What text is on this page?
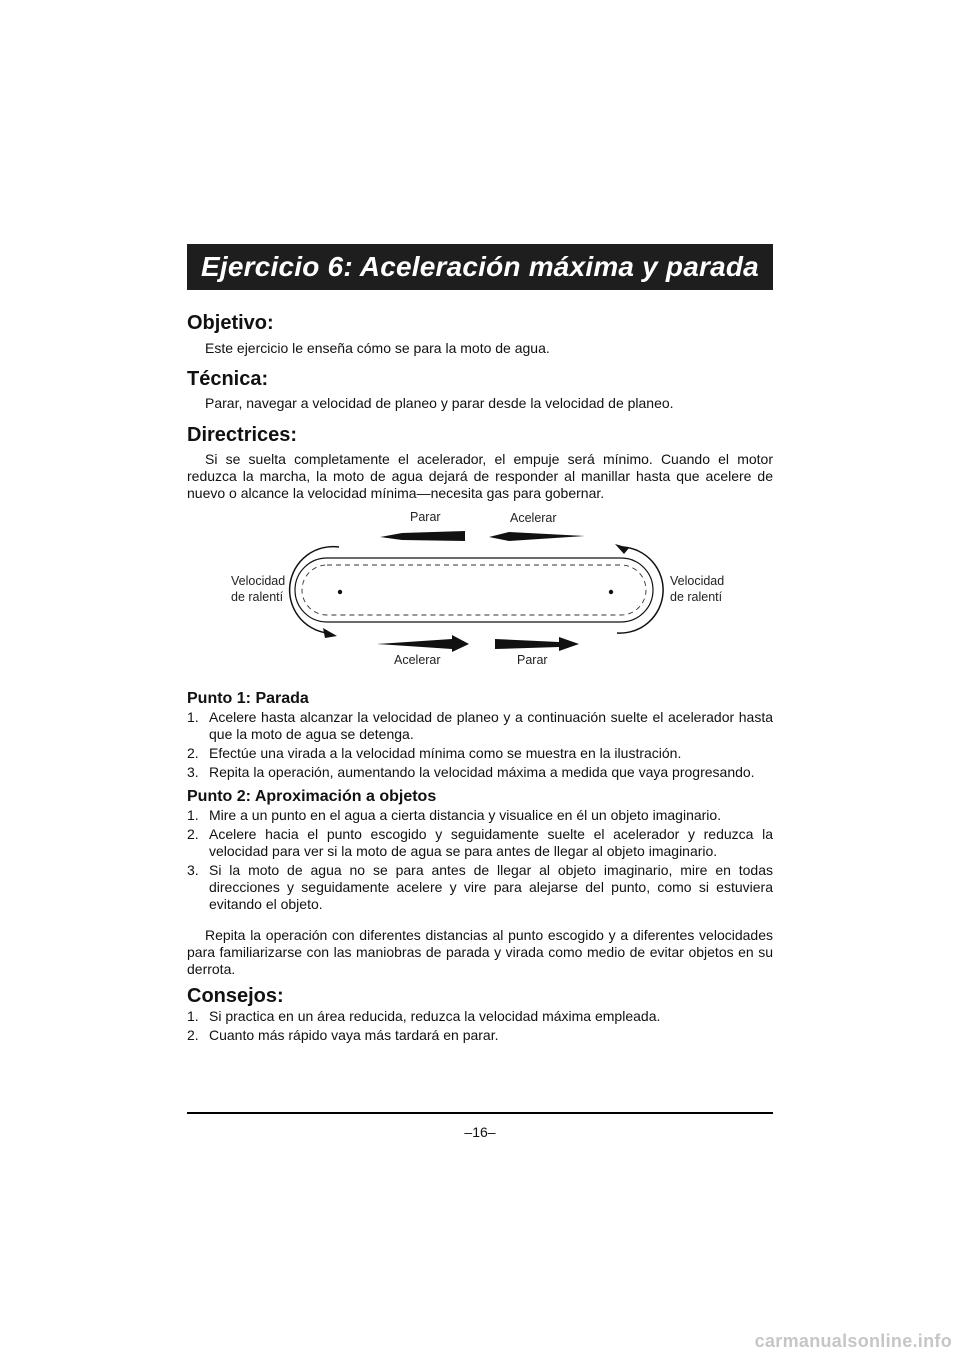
Ejercicio 6: Aceleración máxima y parada
Objetivo:

Este ejercicio le enseña cómo se para la moto de agua.

Técnica:

Parar, navegar a velocidad de planeo y parar desde la velocidad de planeo.

Directrices:

Si se suelta completamente el acelerador, el empuje será mínimo. Cuando el motor reduzca la marcha, la moto de agua dejará de responder al manillar hasta que acelere de nuevo o alcance la velocidad mínima—necesita gas para gobernar.

Parar	Acelerar
Velocidad
de ralentí
Velocidad
de ralentí
Acelerar	Parar
Punto 1: Parada
1. Acelere hasta alcanzar la velocidad de planeo y a continuación suelte el acelerador hasta que la moto de agua se detenga.
2. Efectúe una virada a la velocidad mínima como se muestra en la ilustración.
3. Repita la operación, aumentando la velocidad máxima a medida que vaya progresando.
Punto 2: Aproximación a objetos
1. Mire a un punto en el agua a cierta distancia y visualice en él un objeto imaginario.
2. Acelere hacia el punto escogido y seguidamente suelte el acelerador y reduzca la velocidad para ver si la moto de agua se para antes de llegar al objeto imaginario.
3. Si la moto de agua no se para antes de llegar al objeto imaginario, mire en todas direcciones y seguidamente acelere y vire para alejarse del punto, como si estuviera evitando el objeto.

Repita la operación con diferentes distancias al punto escogido y a diferentes velocidades para familiarizarse con las maniobras de parada y virada como medio de evitar objetos en su derrota.

Consejos:
1. Si practica en un área reducida, reduzca la velocidad máxima empleada.
2. Cuanto más rápido vaya más tardará en parar.
–16–
carmanualsonline.info
